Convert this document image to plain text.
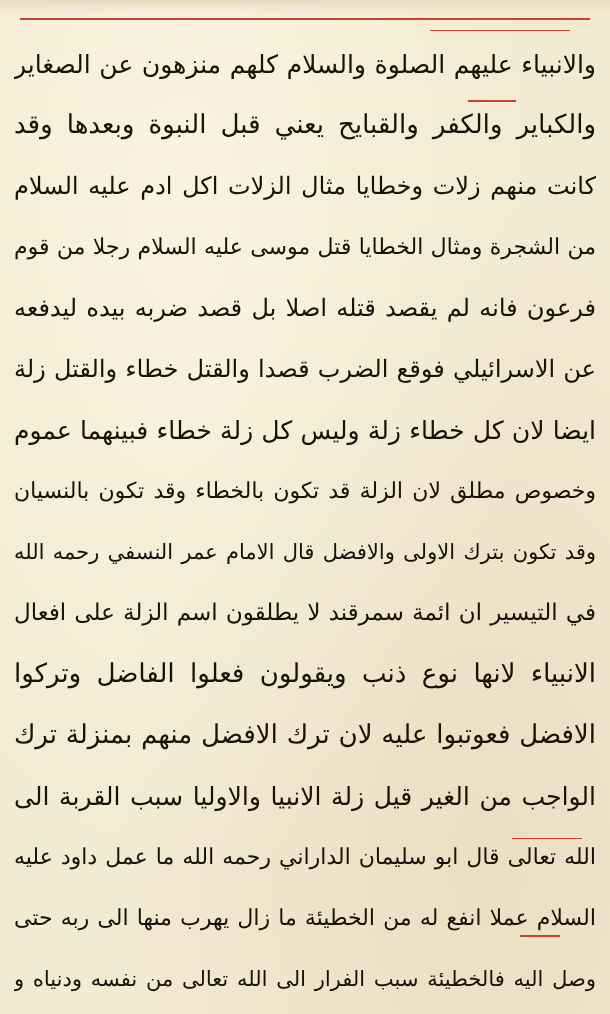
والانبياء عليهم الصلوة والسلام كلهم منزهون عن الصغاير
والكباير والكفر والقبايح يعني قبل النبوة وبعدها وقد
كانت منهم زلات وخطايا مثال الزلات اكل ادم عليه السلام
من الشجرة ومثال الخطايا قتل موسى عليه السلام رجلا من قوم
فرعون فانه لم يقصد قتله اصلا بل قصد ضربه بيده ليدفعه
عن الاسرائيلي فوقع الضرب قصدا والقتل خطاء والقتل زلة
ايضا لان كل خطاء زلة وليس كل زلة خطاء فبينهما عموم
وخصوص مطلق لان الزلة قد تكون بالخطاء وقد تكون بالنسيان
وقد تكون بترك الاولى والافضل قال الامام عمر النسفي رحمه الله
في التيسير ان ائمة سمرقند لا يطلقون اسم الزلة على افعال
الانبياء لانها نوع ذنب ويقولون فعلوا الفاضل وتركوا
الافضل فعوتبوا عليه لان ترك الافضل منهم بمنزلة ترك
الواجب من الغير قيل زلة الانبيا والاوليا سبب القربة الى
الله تعالى قال ابو سليمان الداراني رحمه الله ما عمل داود عليه
السلام عملا انفع له من الخطيئة ما زال يهرب منها الى ربه حتى
وصل اليه فالخطيئة سبب الفرار الى الله تعالى من نفسه ودنياه و
